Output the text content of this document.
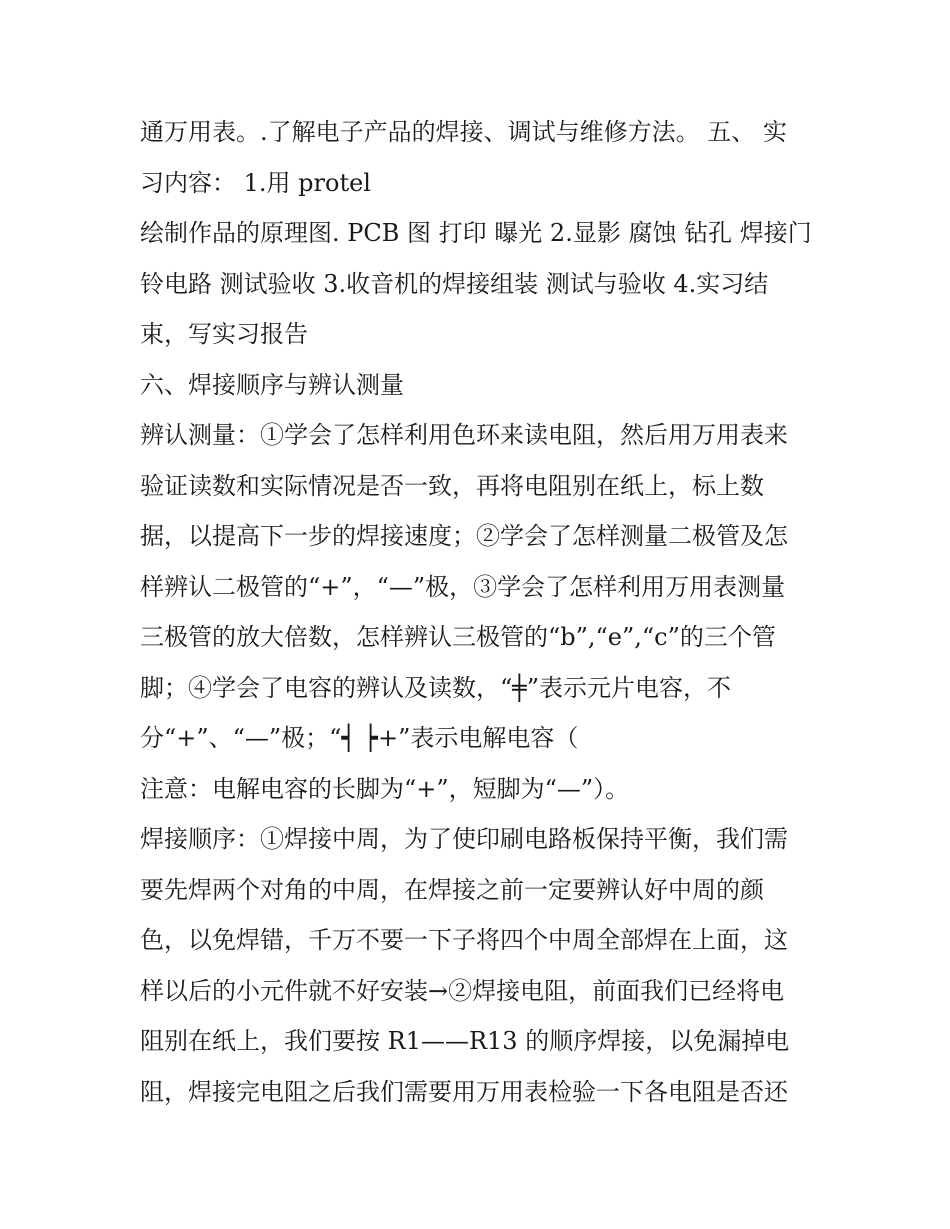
通万用表。.了解电子产品的焊接、调试与维修方法。 五、 实
习内容： 1.用 protel
绘制作品的原理图. PCB 图 打印 曝光 2.显影 腐蚀 钻孔 焊接门
铃电路 测试验收 3.收音机的焊接组装 测试与验收 4.实习结
束，写实习报告
六、焊接顺序与辨认测量
辨认测量：①学会了怎样利用色环来读电阻，然后用万用表来
验证读数和实际情况是否一致，再将电阻别在纸上，标上数
据，以提高下一步的焊接速度；②学会了怎样测量二极管及怎
样辨认二极管的“+”，“—”极，③学会了怎样利用万用表测量
三极管的放大倍数，怎样辨认三极管的“b”,“e”,“c”的三个管
脚；④学会了电容的辨认及读数，“╪”表示元片电容，不
分“+”、“—”极；“┥ ┝+”表示电解电容（
注意：电解电容的长脚为“+”，短脚为“—”）。
焊接顺序：①焊接中周，为了使印刷电路板保持平衡，我们需
要先焊两个对角的中周，在焊接之前一定要辨认好中周的颜
色，以免焊错，千万不要一下子将四个中周全部焊在上面，这
样以后的小元件就不好安装→②焊接电阻，前面我们已经将电
阻别在纸上，我们要按 R1——R13 的顺序焊接，以免漏掉电
阻，焊接完电阻之后我们需要用万用表检验一下各电阻是否还
